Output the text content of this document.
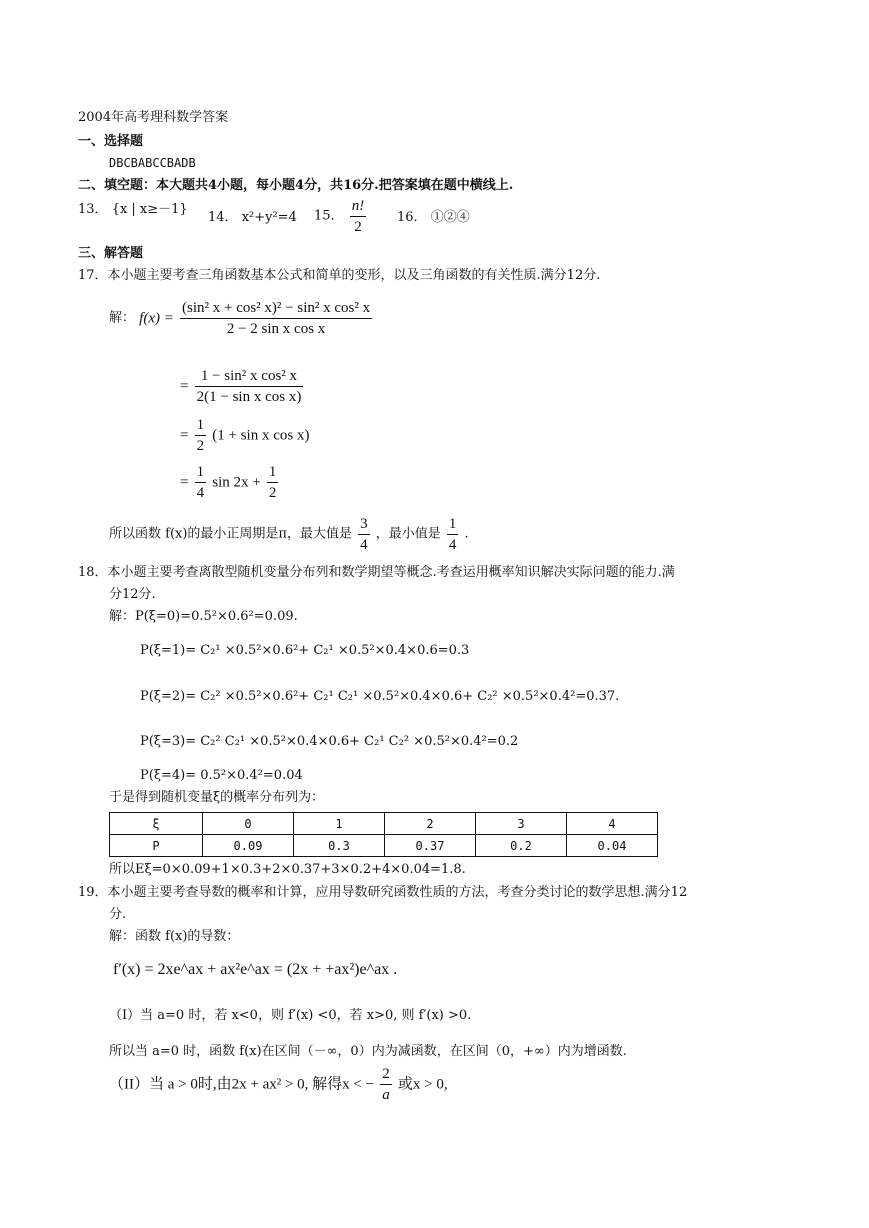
2004年高考理科数学答案
一、选择题
DBCBABCCBADB
二、填空题：本大题共4小题，每小题4分，共16分.把答案填在题中横线上.
13． {x | x≥－1}
14． x²+y²=4 15． $\frac{n!}{2} 16$． ①②④
三、解答题
17．本小题主要考查三角函数基本公式和简单的变形，以及三角函数的有关性质.满分12分.
解： $f(x) = \frac{\text{(sin² x + cos² x)² − sin² x cos² x}}{\text{2 − 2 sin x cos x}}$
= $\frac{\text{1 − sin² x cos² x}}{\text{2(1 − sin x cos x)}}$
= $\frac{1}{2} (1 + \sin x$ cos x)
= $\frac{1}{4}$ $\sin 2x + \frac{1}{2}$
所以函数 f(x)的最小正周期是π，最大值是 $\frac{3}{4}$ ，最小值是 $\frac{1}{4}$ .
18．本小题主要考查离散型随机变量分布列和数学期望等概念.考查运用概率知识解决实际问题的能力.满
分12分.
解：P(ξ=0)=0.5²×0.6²=0.09.
P(ξ=1)= C₂¹ ×0.5²×0.6²+ C₂¹ ×0.5²×0.4×0.6=0.3
P(ξ=2)= C₂² ×0.5²×0.6²+ C₂¹ C₂¹ ×0.5²×0.4×0.6+ C₂² ×0.5²×0.4²=0.37.
P(ξ=3)= C₂² C₂¹ ×0.5²×0.4×0.6+ C₂¹ C₂² ×0.5²×0.4²=0.2
P(ξ=4)= 0.5²×0.4²=0.04
于是得到随机变量ξ的概率分布列为：
ξ	0	1	2	3	4
P	0.09	0.3	0.37	0.2	0.04
所以Eξ=0×0.09+1×0.3+2×0.37+3×0.2+4×0.04=1.8.
19．本小题主要考查导数的概率和计算，应用导数研究函数性质的方法，考查分类讨论的数学思想.满分12
分.
解：函数 f(x)的导数：
f′(x) = 2xe^ax + ax²e^ax = (2x + +ax²)e^ax .
（I）当 a=0 时，若 x<0，则 f′(x) <0，若 x>0, 则 f′(x) >0.
所以当 a=0 时，函数 f(x)在区间（－∞，0）内为减函数，在区间（0，+∞）内为增函数.
（II）当 a > 0时,由2x + ax² > 0, 解得x < − $\frac{2}{a}$ 或x > 0,
